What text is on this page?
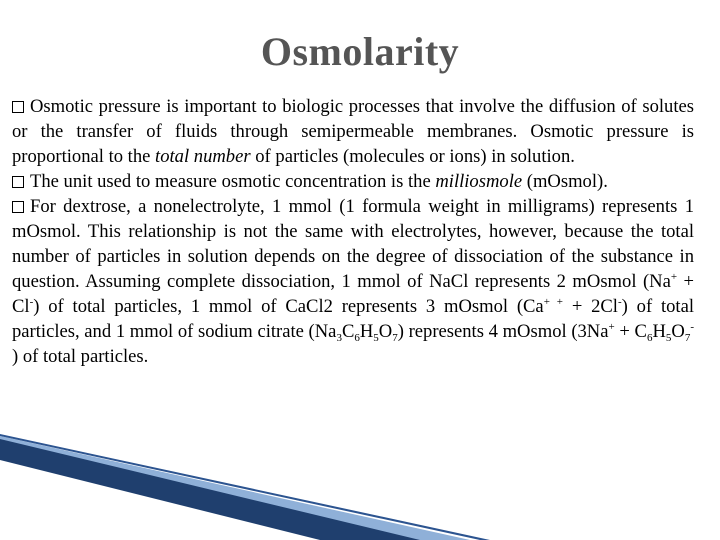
Osmolarity

Osmotic pressure is important to biologic processes that involve the diffusion of solutes or the transfer of fluids through semipermeable membranes. Osmotic pressure is proportional to the total number of particles (molecules or ions) in solution.

The unit used to measure osmotic concentration is the milliosmole (mOsmol).

For dextrose, a nonelectrolyte, 1 mmol (1 formula weight in milligrams) represents 1 mOsmol. This relationship is not the same with electrolytes, however, because the total number of particles in solution depends on the degree of dissociation of the substance in question. Assuming complete dissociation, 1 mmol of NaCl represents 2 mOsmol (Na+ + Cl-) of total particles, 1 mmol of CaCl2 represents 3 mOsmol (Ca+ + + 2Cl-) of total particles, and 1 mmol of sodium citrate $(Na_3C_6H_5O_7)$ represents 4 mOsmol ($3Na^+ + C_6H_5O_7^-$ ) of total particles.
